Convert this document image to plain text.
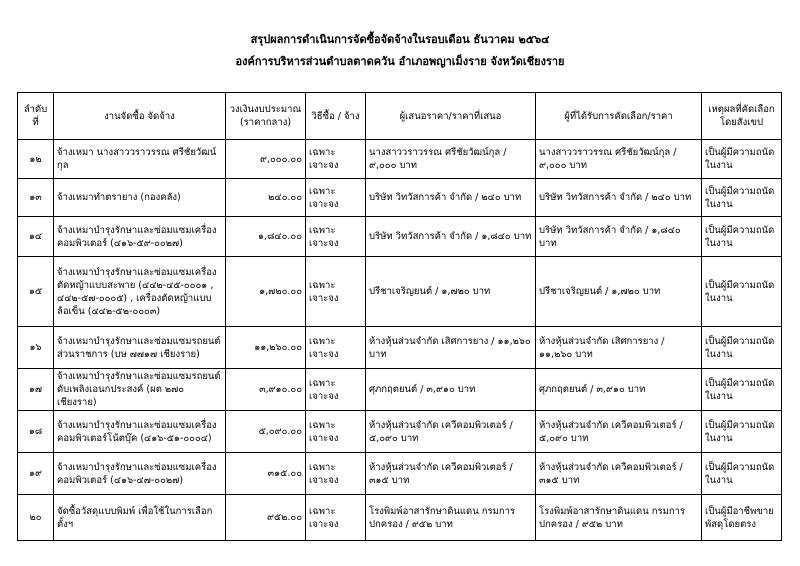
สรุปผลการดำเนินการจัดซื้อจัดจ้างในรอบเดือน ธันวาคม ๒๕๖๔
องค์การบริหารส่วนตำบลตาดควัน อำเภอพญาเม็งราย จังหวัดเชียงราย
ลำดับที่	งานจัดซื้อ จัดจ้าง	วงเงินงบประมาณ (ราคากลาง)	วิธีซื้อ / จ้าง	ผู้เสนอราคา/ราคาที่เสนอ	ผู้ที่ได้รับการคัดเลือก/ราคา	เหตุผลที่คัดเลือกโดยสังเขป
๑๒	จ้างเหมา นางสาววราวรรณ ศรีชัยวัฒน์กุล	๙,๐๐๐.๐๐	เฉพาะเจาะจง	นางสาววราวรรณ ศรีชัยวัฒน์กุล / ๙,๐๐๐ บาท	นางสาววราวรรณ ศรีชัยวัฒน์กุล / ๙,๐๐๐ บาท	เป็นผู้มีความถนัดในงาน
๑๓	จ้างเหมาทำตรายาง (กองคลัง)	๒๔๐.๐๐	เฉพาะเจาะจง	บริษัท วิทวัสการค้า จำกัด / ๒๔๐ บาท	บริษัท วิทวัสการค้า จำกัด / ๒๔๐ บาท	เป็นผู้มีความถนัดในงาน
๑๔	จ้างเหมาบำรุงรักษาและซ่อมแซมเครื่องคอมพิวเตอร์ (๔๑๖-๕๙-๐๐๒๗)	๑,๘๔๐.๐๐	เฉพาะเจาะจง	บริษัท วิทวัสการค้า จำกัด / ๑,๘๔๐ บาท	บริษัท วิทวัสการค้า จำกัด / ๑,๘๔๐ บาท	เป็นผู้มีความถนัดในงาน
๑๕	จ้างเหมาบำรุงรักษาและซ่อมแซมเครื่องตัดหญ้าแบบสะพาย (๔๔๒-๔๕-๐๐๐๑ , ๔๔๒-๕๗-๐๐๐๕) , เครื่องตัดหญ้าแบบล้อเข็น (๔๔๒-๕๒-๐๐๐๓)	๑,๗๒๐.๐๐	เฉพาะเจาะจง	ปรีชาเจริญยนต์ / ๑,๗๒๐ บาท	ปรีชาเจริญยนต์ / ๑,๗๒๐ บาท	เป็นผู้มีความถนัดในงาน
๑๖	จ้างเหมาบำรุงรักษาและซ่อมแซมรถยนต์ส่วนราชการ (บษ ๗๗๑๗ เชียงราย)	๑๑,๒๖๐.๐๐	เฉพาะเจาะจง	ห้างหุ้นส่วนจำกัด เสิศการยาง / ๑๑,๒๖๐ บาท	ห้างหุ้นส่วนจำกัด เสิศการยาง / ๑๑,๒๖๐ บาท	เป็นผู้มีความถนัดในงาน
๑๗	จ้างเหมาบำรุงรักษาและซ่อมแซมรถยนต์ดับเพลิงเอนกประสงค์ (ผต ๒๗๐ เชียงราย)	๓,๙๑๐.๐๐	เฉพาะเจาะจง	ศุภกฤตยนต์ / ๓,๙๑๐ บาท	ศุภกฤตยนต์ / ๓,๙๑๐ บาท	เป็นผู้มีความถนัดในงาน
๑๘	จ้างเหมาบำรุงรักษาและซ่อมแซมเครื่องคอมพิวเตอร์โน้ตบุ๊ค (๔๑๖-๕๑-๐๐๐๔)	๕,๐๙๐.๐๐	เฉพาะเจาะจง	ห้างหุ้นส่วนจำกัด เควีคอมพิวเตอร์ / ๕,๐๙๐ บาท	ห้างหุ้นส่วนจำกัด เควีคอมพิวเตอร์ / ๕,๐๙๐ บาท	เป็นผู้มีความถนัดในงาน
๑๙	จ้างเหมาบำรุงรักษาและซ่อมแซมเครื่องคอมพิวเตอร์ (๔๑๖-๔๗-๐๐๒๗)	๓๑๕.๐๐	เฉพาะเจาะจง	ห้างหุ้นส่วนจำกัด เควีคอมพิวเตอร์ / ๓๑๕ บาท	ห้างหุ้นส่วนจำกัด เควีคอมพิวเตอร์ / ๓๑๕ บาท	เป็นผู้มีความถนัดในงาน
๒๐	จัดซื้อวัสดุแบบพิมพ์ เพื่อใช้ในการเลือกตั้งฯ	๙๕๒.๐๐	เฉพาะเจาะจง	โรงพิมพ์อาสารักษาดินแดน กรมการปกครอง / ๙๕๒ บาท	โรงพิมพ์อาสารักษาดินแดน กรมการปกครอง / ๙๕๒ บาท	เป็นผู้มีอาชีพขายพัสดุโดยตรง
